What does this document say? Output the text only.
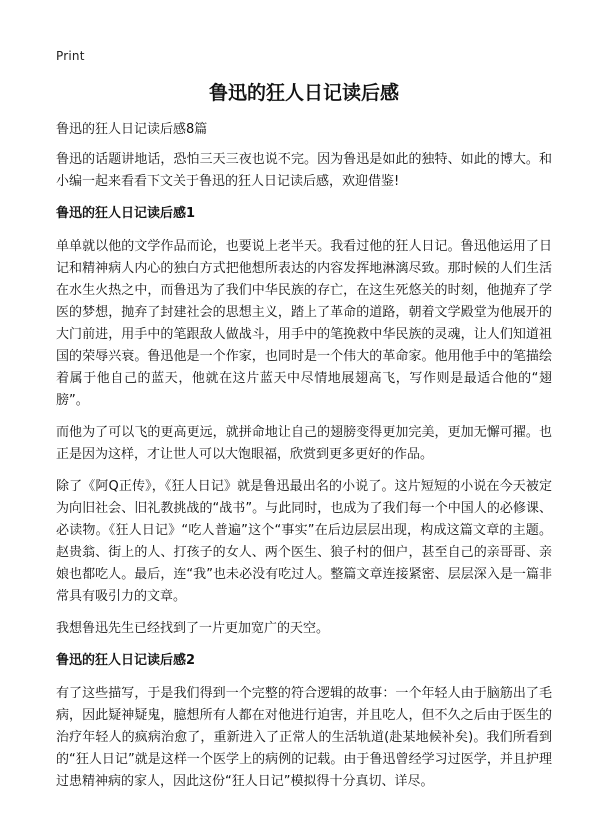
Print
鲁迅的狂人日记读后感

鲁迅的狂人日记读后感8篇

鲁迅的话题讲地话，恐怕三天三夜也说不完。因为鲁迅是如此的独特、如此的博大。和小编一起来看看下文关于鲁迅的狂人日记读后感，欢迎借鉴!

鲁迅的狂人日记读后感1

单单就以他的文学作品而论，也要说上老半天。我看过他的狂人日记。鲁迅他运用了日记和精神病人内心的独白方式把他想所表达的内容发挥地淋漓尽致。那时候的人们生活在水生火热之中，而鲁迅为了我们中华民族的存亡，在这生死悠关的时刻，他抛弃了学医的梦想，抛弃了封建社会的思想主义，踏上了革命的道路，朝着文学殿堂为他展开的大门前进，用手中的笔跟敌人做战斗，用手中的笔挽救中华民族的灵魂，让人们知道祖国的荣辱兴衰。鲁迅他是一个作家，也同时是一个伟大的革命家。他用他手中的笔描绘着属于他自己的蓝天，他就在这片蓝天中尽情地展翅高飞，写作则是最适合他的“翅膀”。

而他为了可以飞的更高更远，就拼命地让自己的翅膀变得更加完美，更加无懈可擢。也正是因为这样，才让世人可以大饱眼福，欣赏到更多更好的作品。

除了《阿Q正传》，《狂人日记》就是鲁迅最出名的小说了。这片短短的小说在今天被定为向旧社会、旧礼教挑战的“战书”。与此同时，也成为了我们每一个中国人的必修课、必读物。《狂人日记》“吃人普遍”这个“事实”在后边层层出现，构成这篇文章的主题。赵贵翁、街上的人、打孩子的女人、两个医生、狼子村的佃户，甚至自己的亲哥哥、亲娘也都吃人。最后，连“我”也未必没有吃过人。整篇文章连接紧密、层层深入是一篇非常具有吸引力的文章。

我想鲁迅先生已经找到了一片更加宽广的天空。

鲁迅的狂人日记读后感2

有了这些描写，于是我们得到一个完整的符合逻辑的故事：一个年轻人由于脑筋出了毛病，因此疑神疑鬼，臆想所有人都在对他进行迫害，并且吃人，但不久之后由于医生的治疗年轻人的疯病治愈了，重新进入了正常人的生活轨道(赴某地候补矣)。我们所看到的“狂人日记”就是这样一个医学上的病例的记载。由于鲁迅曾经学习过医学，并且护理过患精神病的家人，因此这份“狂人日记”模拟得十分真切、详尽。
